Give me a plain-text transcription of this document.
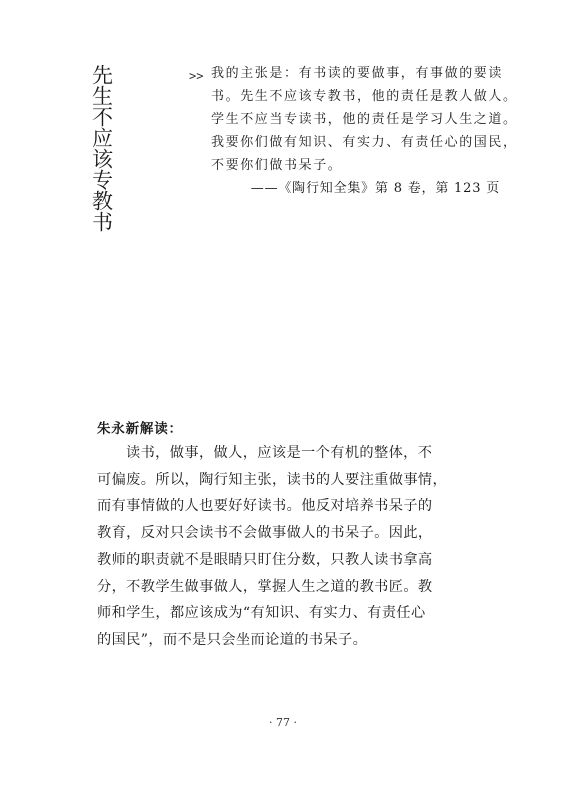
先生不应该专教书	>> 我的主张是：有书读的要做事，有事做的要读
书。先生不应该专教书，他的责任是教人做人。
学生不应当专读书，他的责任是学习人生之道。
我要你们做有知识、有实力、有责任心的国民，
不要你们做书呆子。
——《陶行知全集》第 8 卷，第 123 页
朱永新解读：
读书，做事，做人，应该是一个有机的整体，不
可偏废。所以，陶行知主张，读书的人要注重做事情，
而有事情做的人也要好好读书。他反对培养书呆子的
教育，反对只会读书不会做事做人的书呆子。因此，
教师的职责就不是眼睛只盯住分数，只教人读书拿高
分，不教学生做事做人，掌握人生之道的教书匠。教
师和学生，都应该成为“有知识、有实力、有责任心
的国民”，而不是只会坐而论道的书呆子。
· 77 ·
